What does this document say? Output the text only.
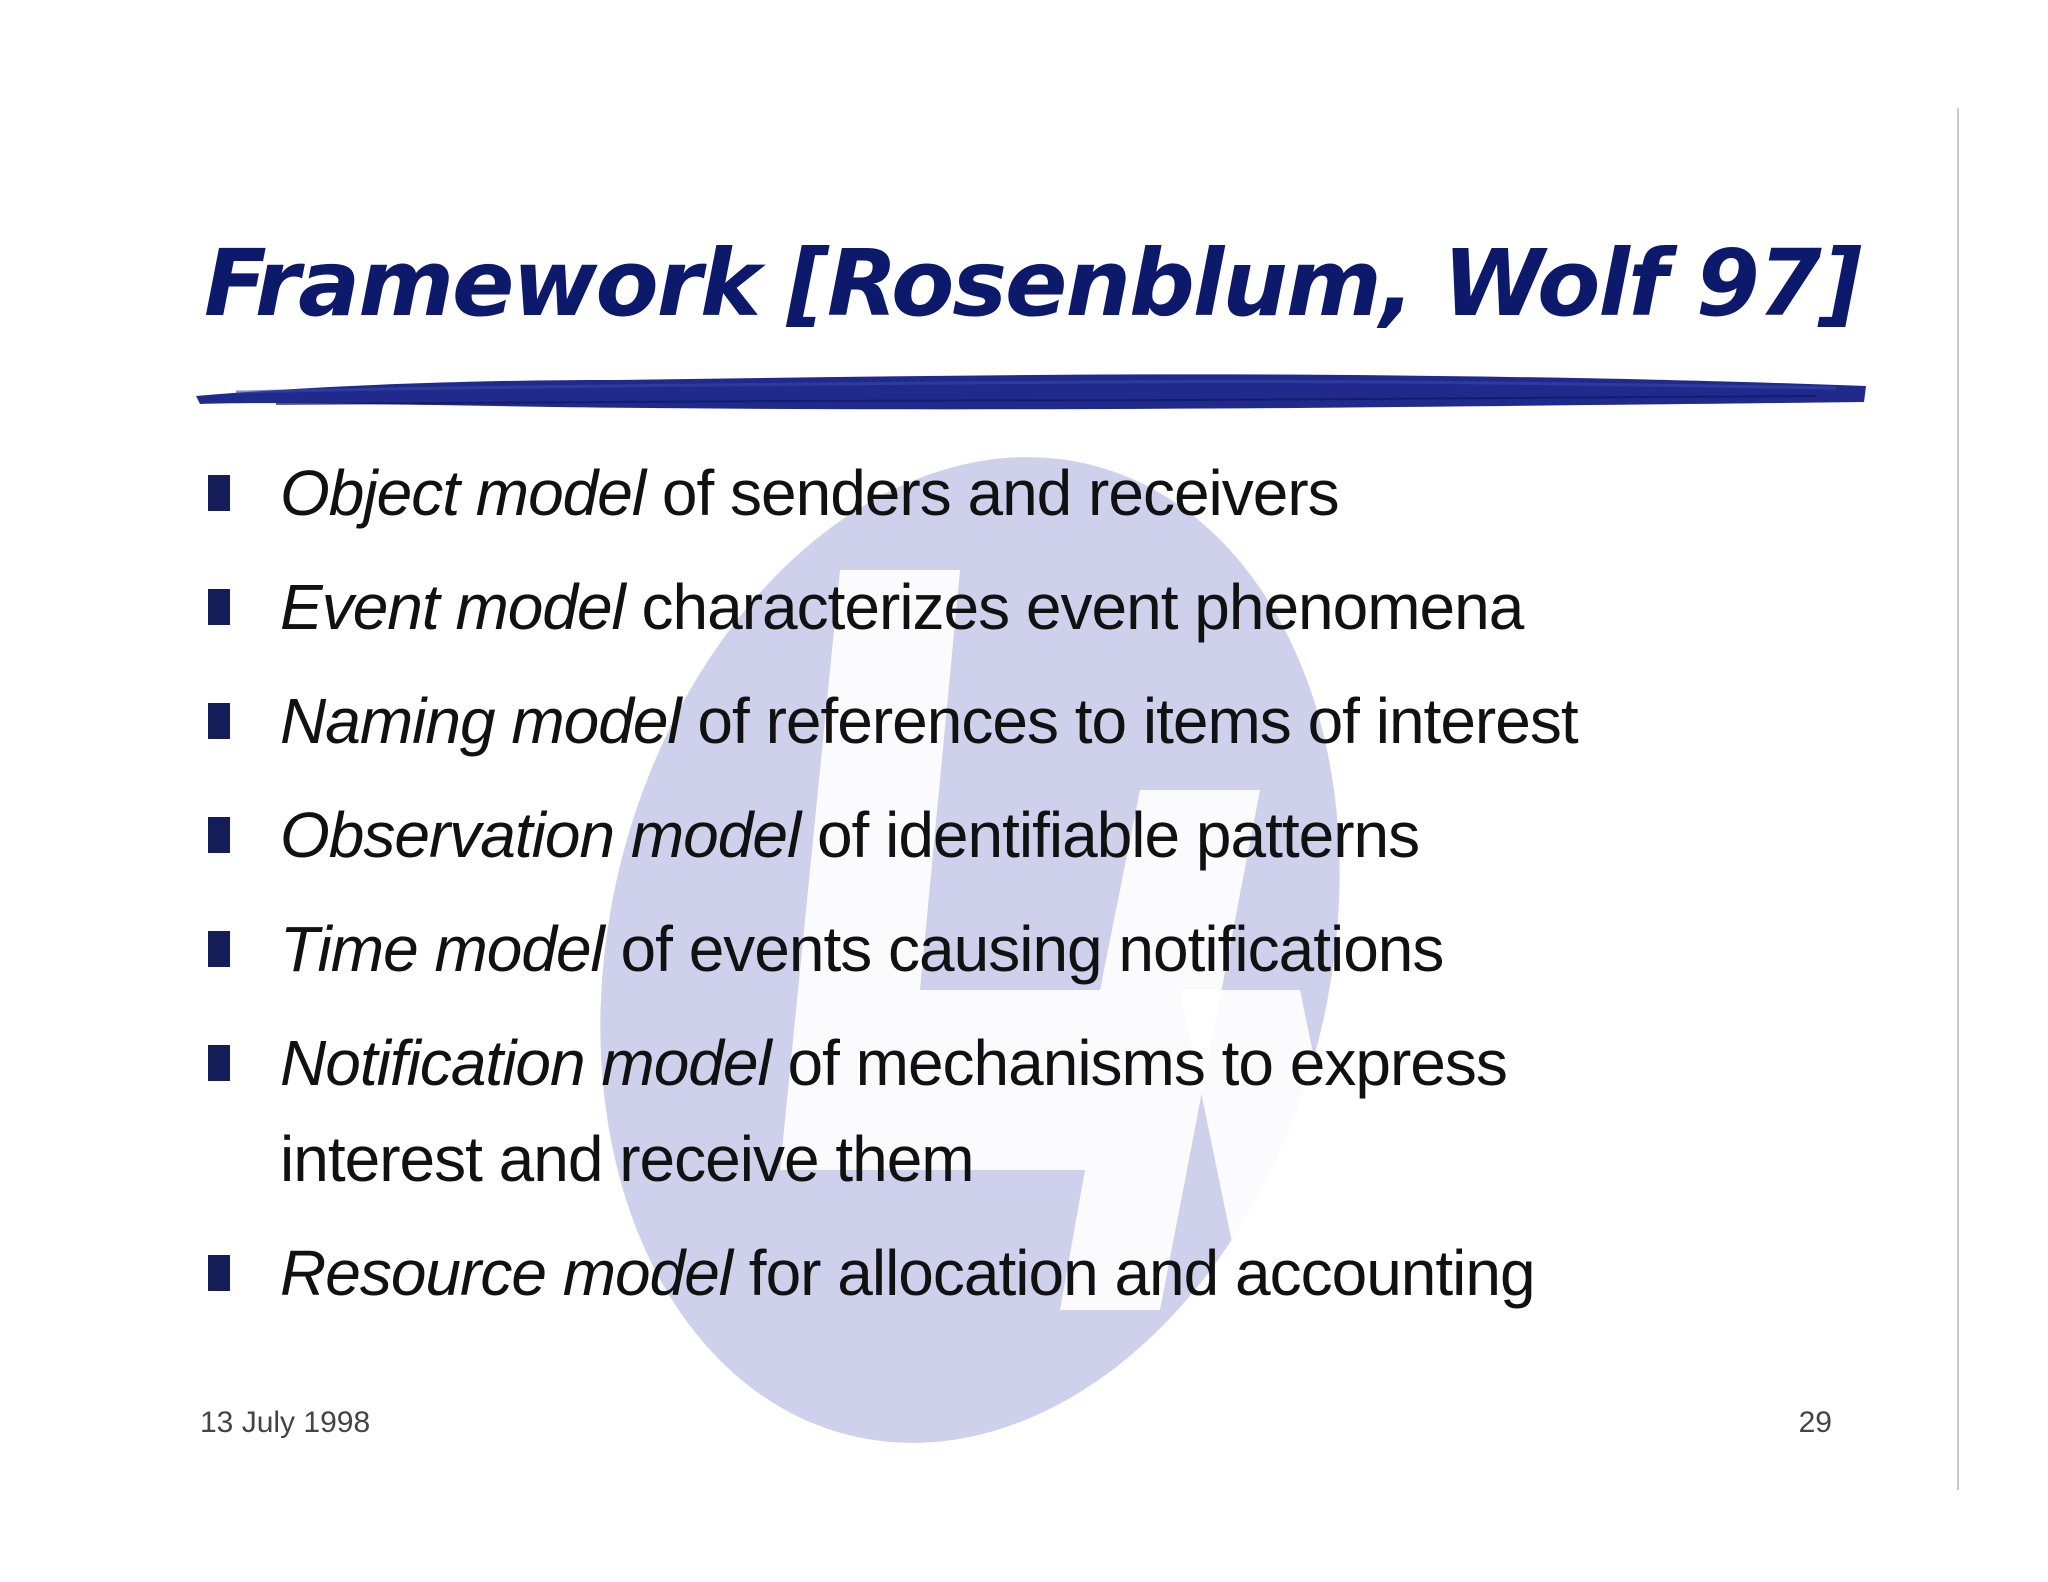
Framework [Rosenblum, Wolf 97]
Object model of senders and receivers
Event model characterizes event phenomena
Naming model of references to items of interest
Observation model of identifiable patterns
Time model of events causing notifications
Notification model of mechanisms to express interest and receive them
Resource model for allocation and accounting
13 July 1998	29
